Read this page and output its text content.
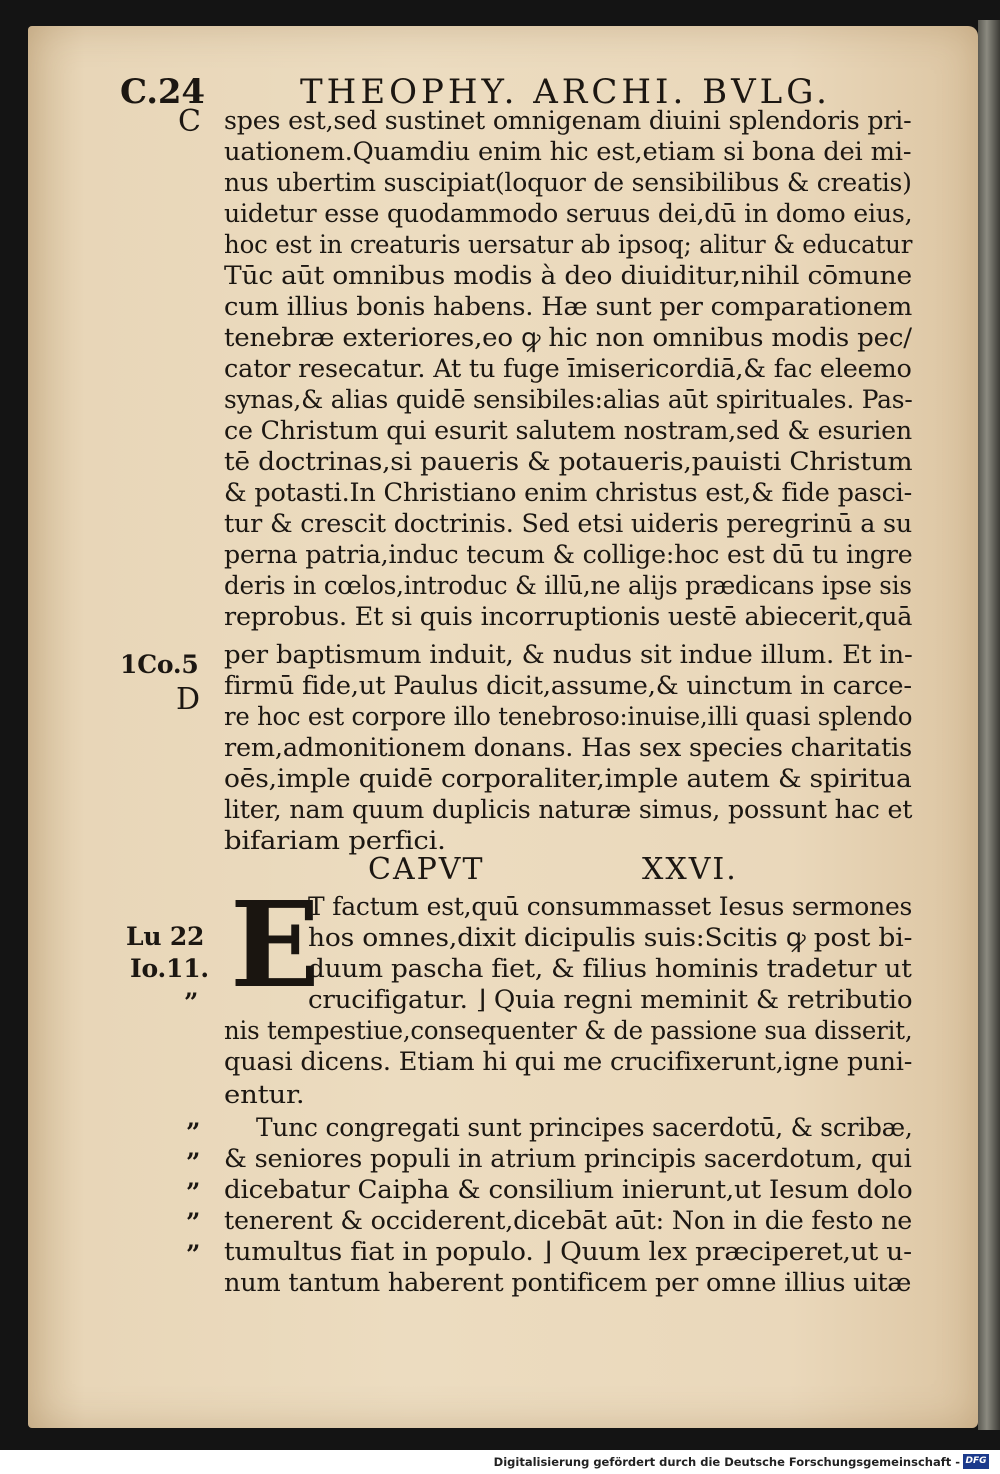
C.24	THEOPHY. ARCHI. BVLG.
C
1Co.5
D
Lu 22
Io.11.
”
”
”
”
”
”
spes est,sed sustinet omnigenam diuini splendoris pri-
uationem.Quamdiu enim hic est,etiam si bona dei mi-
nus ubertim suscipiat(loquor de sensibilibus & creatis)
uidetur esse quodammodo seruus dei,dū in domo eius,
hoc est in creaturis uersatur ab ipsoq; alitur & educatur
Tūc aūt omnibus modis à deo diuiditur,nihil cōmune
cum illius bonis habens. Hæ sunt per comparationem
tenebræ exteriores,eo ꝙ hic non omnibus modis pec/
cator resecatur. At tu fuge īmisericordiā,& fac eleemo
synas,& alias quidē sensibiles:alias aūt spirituales. Pas-
ce Christum qui esurit salutem nostram,sed & esurien
tē doctrinas,si paueris & potaueris,pauisti Christum
& potasti.In Christiano enim christus est,& fide pasci-
tur & crescit doctrinis. Sed etsi uideris peregrinū a su
perna patria,induc tecum & collige:hoc est dū tu ingre
deris in cœlos,introduc & illū,ne alijs prædicans ipse sis
reprobus. Et si quis incorruptionis uestē abiecerit,quā
per baptismum induit, & nudus sit indue illum. Et in-
firmū fide,ut Paulus dicit,assume,& uinctum in carce-
re hoc est corpore illo tenebroso:inuise,illi quasi splendo
rem,admonitionem donans. Has sex species charitatis
oēs,imple quidē corporaliter,imple autem & spiritua
liter, nam quum duplicis naturæ simus, possunt hac et
bifariam perfici.
CAPVT	XXVI.
E
T factum est,quū consummasset Iesus sermones
hos omnes,dixit dicipulis suis:Scitis ꝙ post bi-
duum pascha fiet, & filius hominis tradetur ut
crucifigatur. ⌋ Quia regni meminit & retributio
nis tempestiue,consequenter & de passione sua disserit,
quasi dicens. Etiam hi qui me crucifixerunt,igne puni-
entur.
Tunc congregati sunt principes sacerdotū, & scribæ,
& seniores populi in atrium principis sacerdotum, qui
dicebatur Caipha & consilium inierunt,ut Iesum dolo
tenerent & occiderent,dicebāt aūt: Non in die festo ne
tumultus fiat in populo. ⌋ Quum lex præciperet,ut u-
num tantum haberent pontificem per omne illius uitæ
Digitalisierung gefördert durch die Deutsche Forschungsgemeinschaft - DFG
